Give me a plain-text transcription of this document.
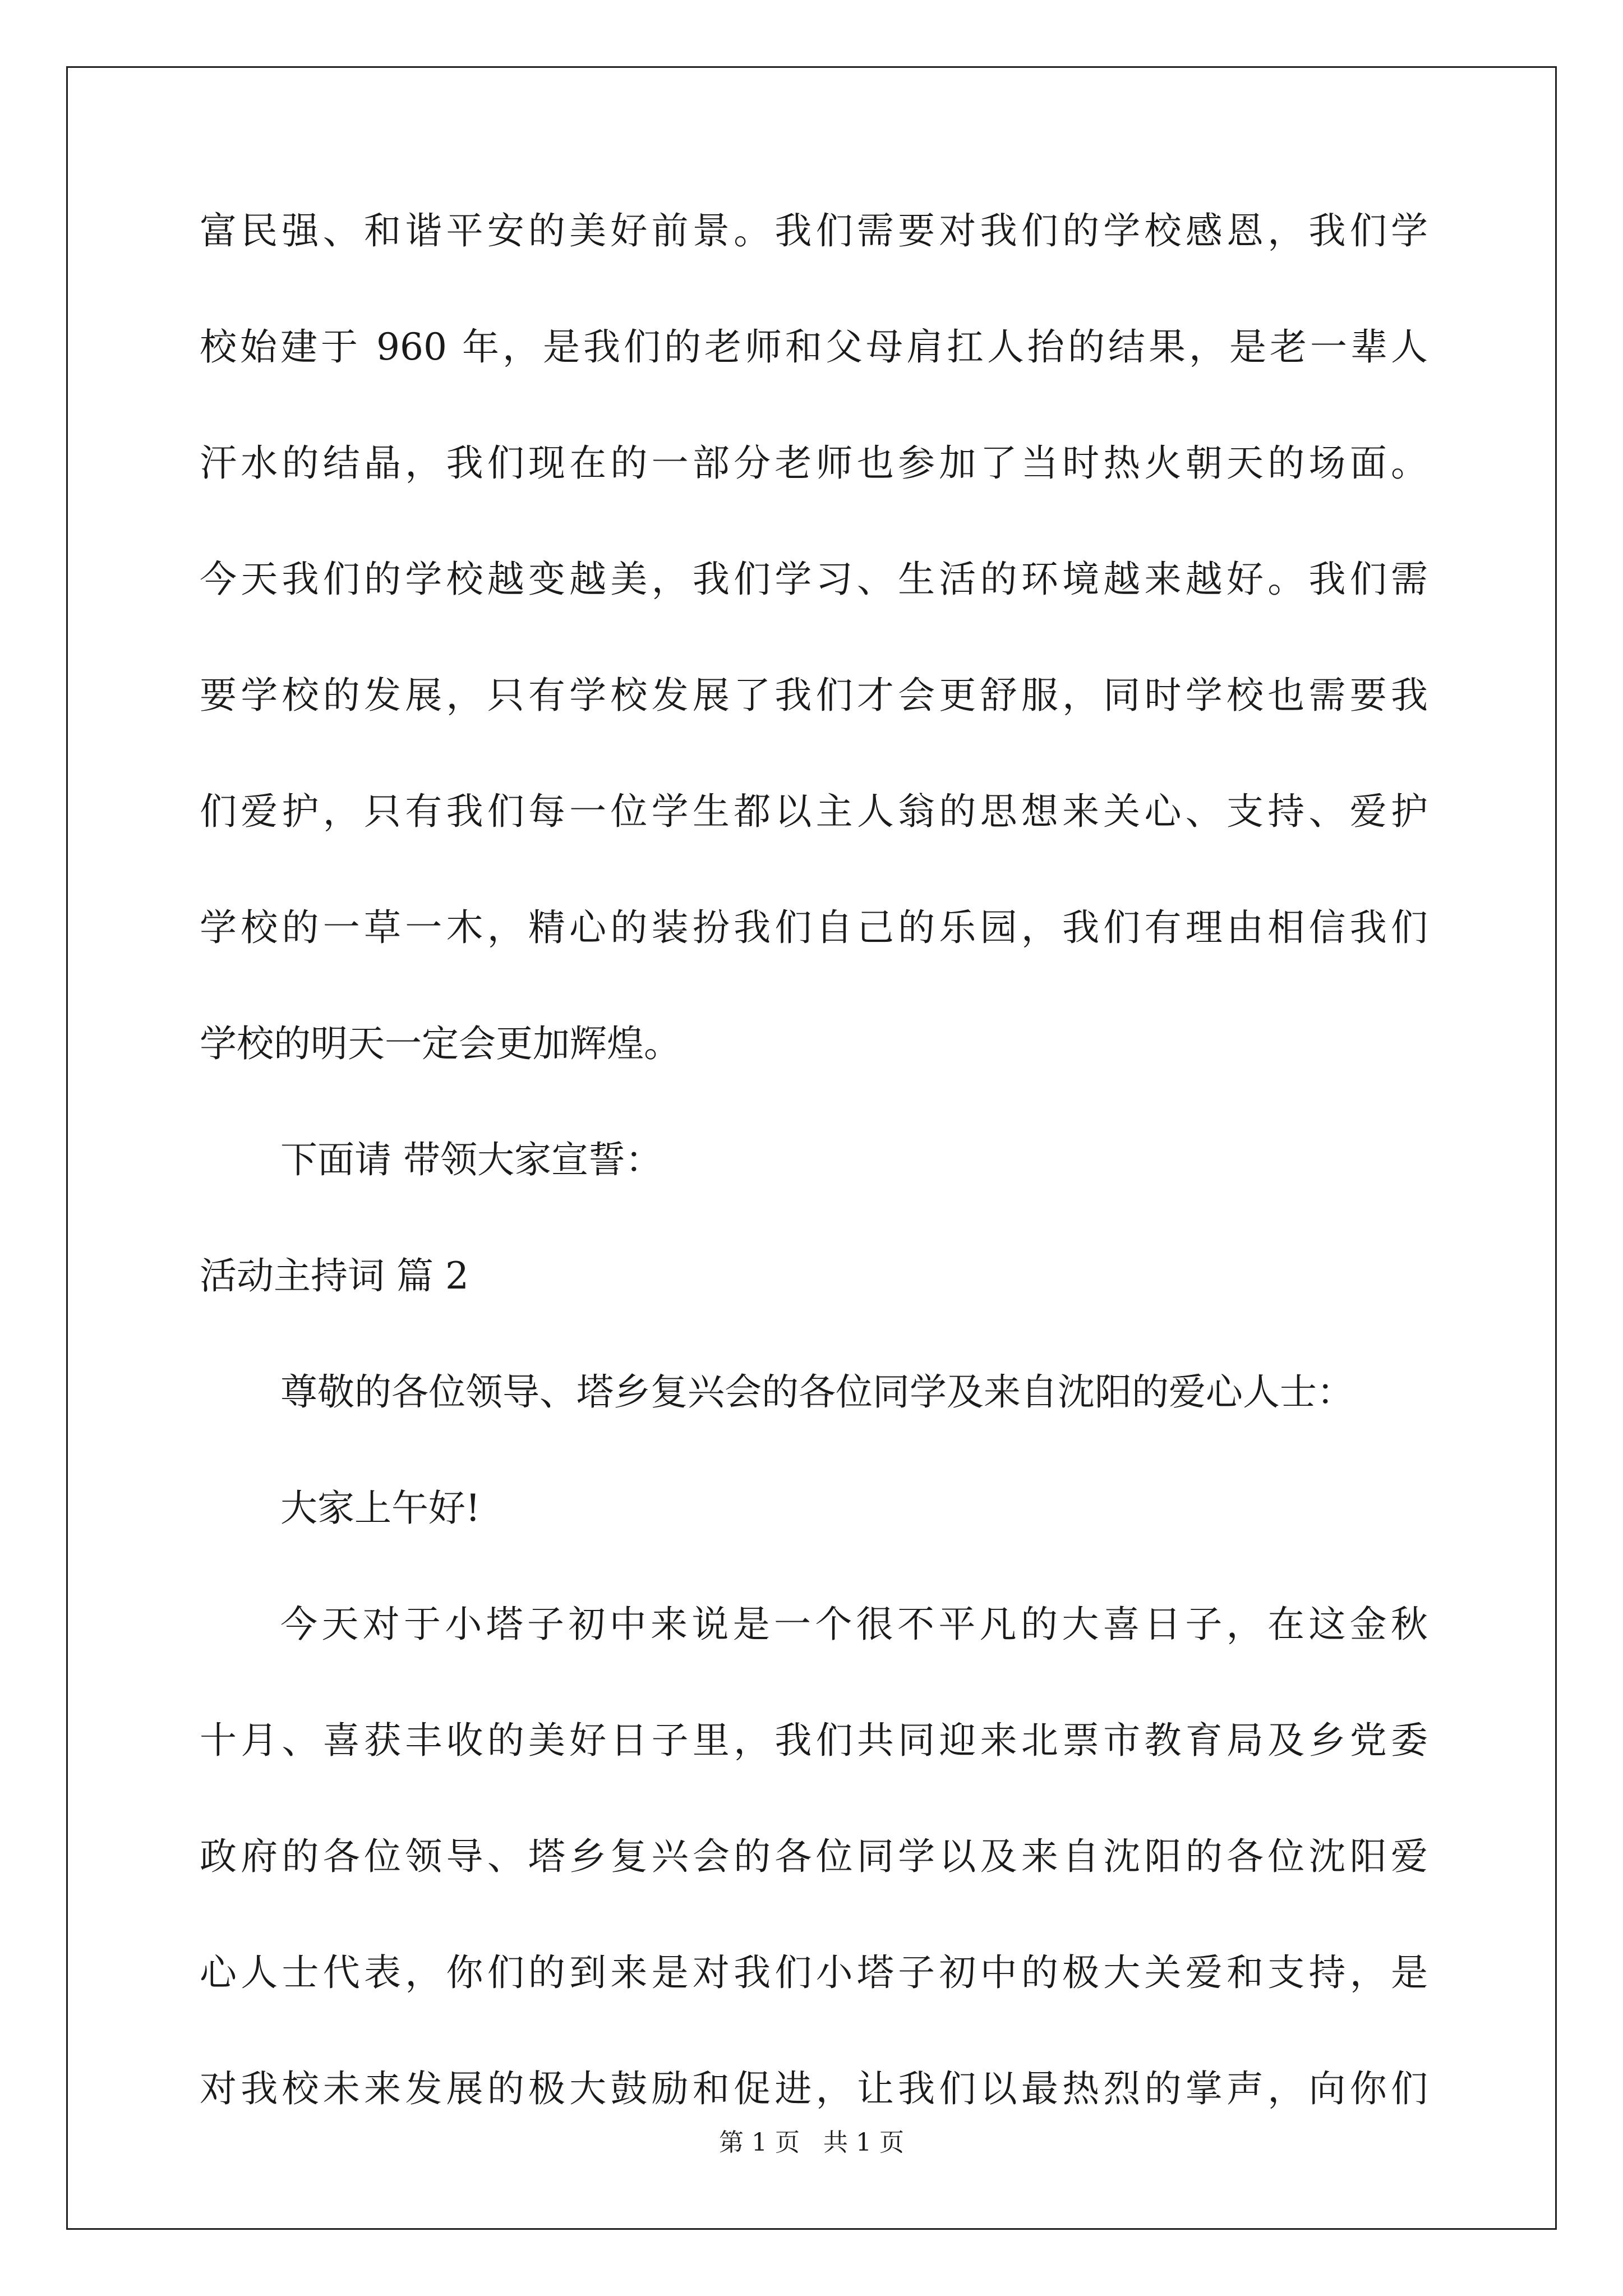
富民强、和谐平安的美好前景。我们需要对我们的学校感恩，我们学
校始建于 960 年，是我们的老师和父母肩扛人抬的结果，是老一辈人
汗水的结晶，我们现在的一部分老师也参加了当时热火朝天的场面。
今天我们的学校越变越美，我们学习、生活的环境越来越好。我们需
要学校的发展，只有学校发展了我们才会更舒服，同时学校也需要我
们爱护，只有我们每一位学生都以主人翁的思想来关心、支持、爱护
学校的一草一木，精心的装扮我们自己的乐园，我们有理由相信我们
学校的明天一定会更加辉煌。
下面请 带领大家宣誓：
活动主持词 篇 2
尊敬的各位领导、塔乡复兴会的各位同学及来自沈阳的爱心人士：
大家上午好!
今天对于小塔子初中来说是一个很不平凡的大喜日子，在这金秋
十月、喜获丰收的美好日子里，我们共同迎来北票市教育局及乡党委
政府的各位领导、塔乡复兴会的各位同学以及来自沈阳的各位沈阳爱
心人士代表，你们的到来是对我们小塔子初中的极大关爱和支持，是
对我校未来发展的极大鼓励和促进，让我们以最热烈的掌声，向你们
第 1 页   共 1 页
